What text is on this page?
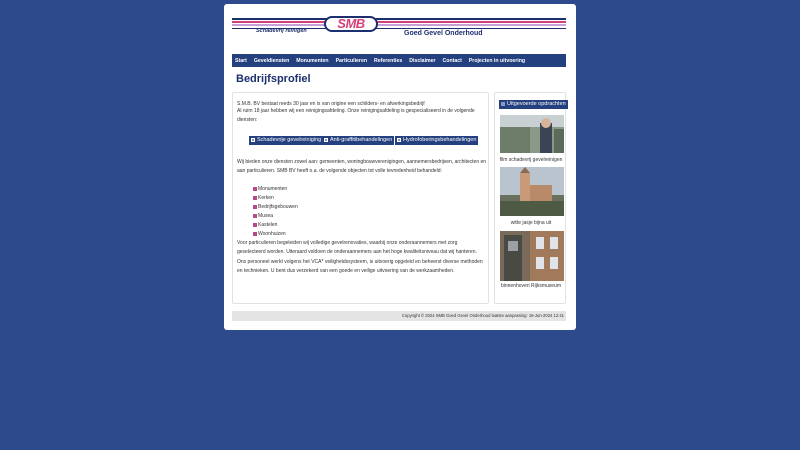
Schadevrij reinigen	SMB
Goed Gevel Onderhoud
Start Geveldiensten Monumenten Particulieren Referenties Disclaimer Contact Projecten in uitvoering
Bedrijfsprofiel
S.M.B. BV bestaat reeds 30 jaar en is van origine een schilders- en afwerkingsbedrijf
Al ruim 18 jaar hebben wij een reinigingsafdeling. Onze reinigingsafdeling is gespecialiseerd in de volgende
diensten:
Schadevrije gevelreiniging	Anti-graffitibehandelingen	Hydrofoberingsbehandelingen
Wij bieden onze diensten zowel aan: gemeenten, woningbouwverenigingen, aannemersbedrijven, architecten en
aan particulieren. SMB BV heeft o.a. de volgende objecten tot volle tevredenheid behandeld:
Monumenten
Kerken
Bedrijfsgebouwen
Musea
Kastelen
Woonhuizen
Voor particulieren begeleiden wij volledige gevelrenovaties, waarbij onze onderaannemers met zorg
geselecteerd worden. Uiteraard voldoen de onderaannemers aan het hoge kwaliteitsniveau dat wij hanteren.
Ons personeel werkt volgens het VCA* veiligheidssysteem, is uitvoerig opgeleid en beheerst diverse methoden
en technieken. U bent dus verzekerd van een goede en veilige uitvoering van de werkzaamheden.
Uitgevoerde opdrachten
film schadevrij gevelreinigen
witte jasje bijna uit
binnenhoven Rijksmuseum
Copyright © 2024 SMB Goed Gevel Onderhoud laatste aanpassing: 16-Jun-2024 12:41
